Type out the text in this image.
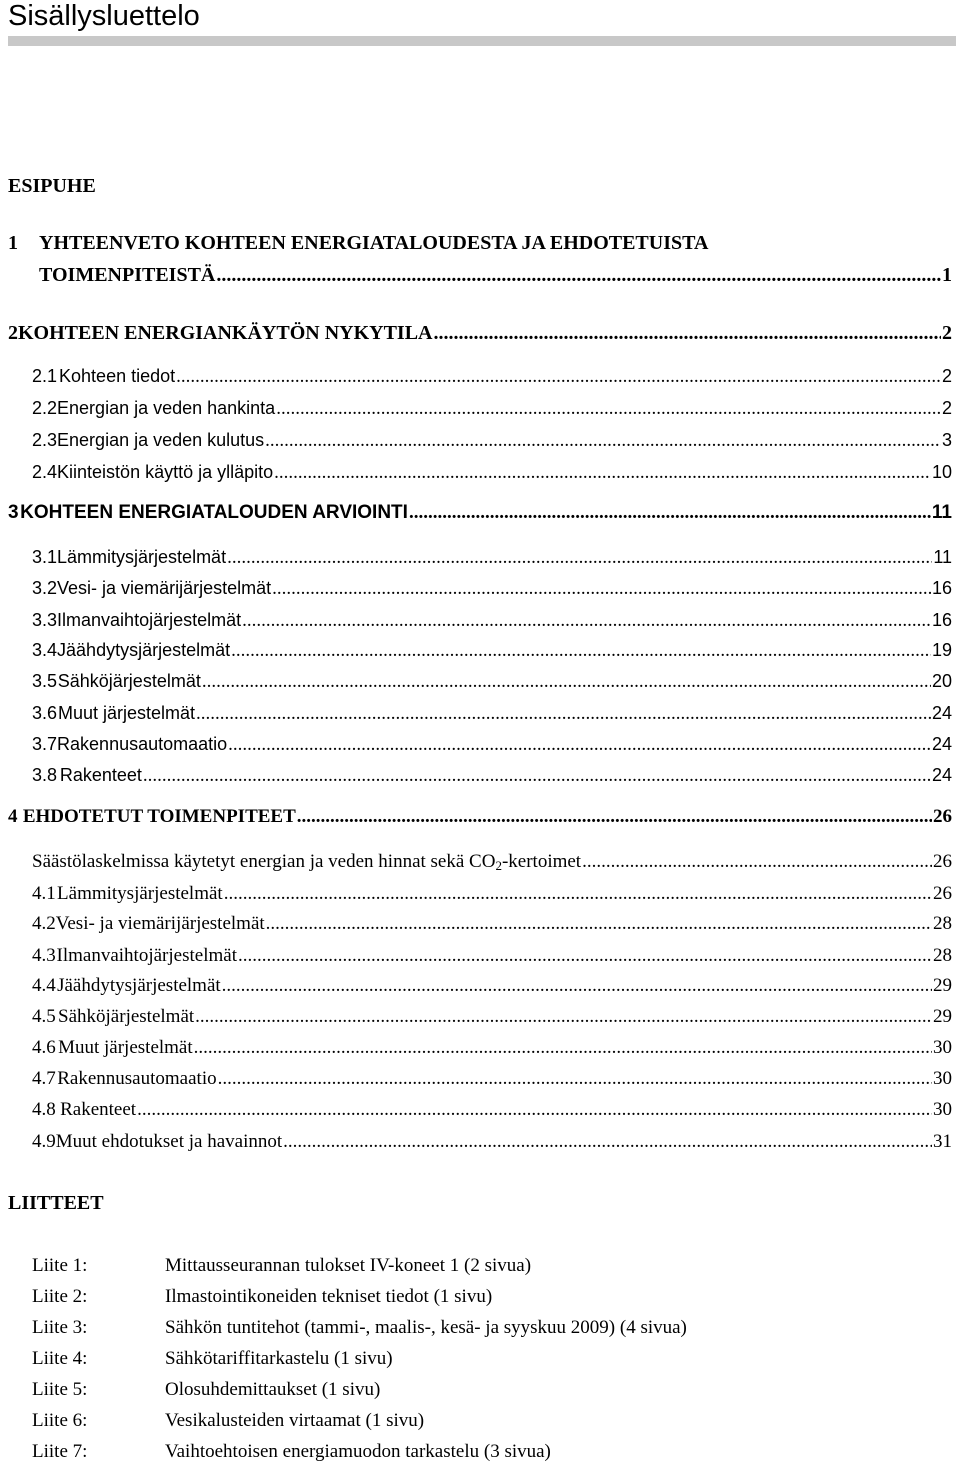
Sisällysluettelo
ESIPUHE
1 YHTEENVETO KOHTEEN ENERGIATALOUDESTA JA EHDOTETUISTA
TOIMENPITEISTÄ .....	1
2 KOHTEEN ENERGIANKÄYTÖN NYKYTILA .....	2
2.1 Kohteen tiedot .....	2
2.2 Energian ja veden hankinta .....	2
2.3 Energian ja veden kulutus .....	3
2.4 Kiinteistön käyttö ja ylläpito .....	10
3 KOHTEEN ENERGIATALOUDEN ARVIOINTI .....	11
3.1 Lämmitysjärjestelmät .....	11
3.2 Vesi- ja viemärijärjestelmät .....	16
3.3 Ilmanvaihtojärjestelmät .....	16
3.4 Jäähdytysjärjestelmät .....	19
3.5 Sähköjärjestelmät .....	20
3.6 Muut järjestelmät .....	24
3.7 Rakennusautomaatio .....	24
3.8 Rakenteet .....	24
4 EHDOTETUT TOIMENPITEET .....	26
Säästölaskelmissa käytetyt energian ja veden hinnat sekä $CO_2$-kertoimet .....	26
4.1 Lämmitysjärjestelmät .....	26
4.2 Vesi- ja viemärijärjestelmät .....	28
4.3 Ilmanvaihtojärjestelmät .....	28
4.4 Jäähdytysjärjestelmät .....	29
4.5 Sähköjärjestelmät .....	29
4.6 Muut järjestelmät .....	30
4.7 Rakennusautomaatio .....	30
4.8 Rakenteet .....	30
4.9 Muut ehdotukset ja havainnot .....	31
LIITTEET
Liite 1:	Mittausseurannan tulokset IV-koneet 1 (2 sivua)
Liite 2:	Ilmastointikoneiden tekniset tiedot (1 sivu)
Liite 3:	Sähkön tuntitehot (tammi-, maalis-, kesä- ja syyskuu 2009) (4 sivua)
Liite 4:	Sähkötariffitarkastelu (1 sivu)
Liite 5:	Olosuhdemittaukset (1 sivu)
Liite 6:	Vesikalusteiden virtaamat (1 sivu)
Liite 7:	Vaihtoehtoisen energiamuodon tarkastelu (3 sivua)
